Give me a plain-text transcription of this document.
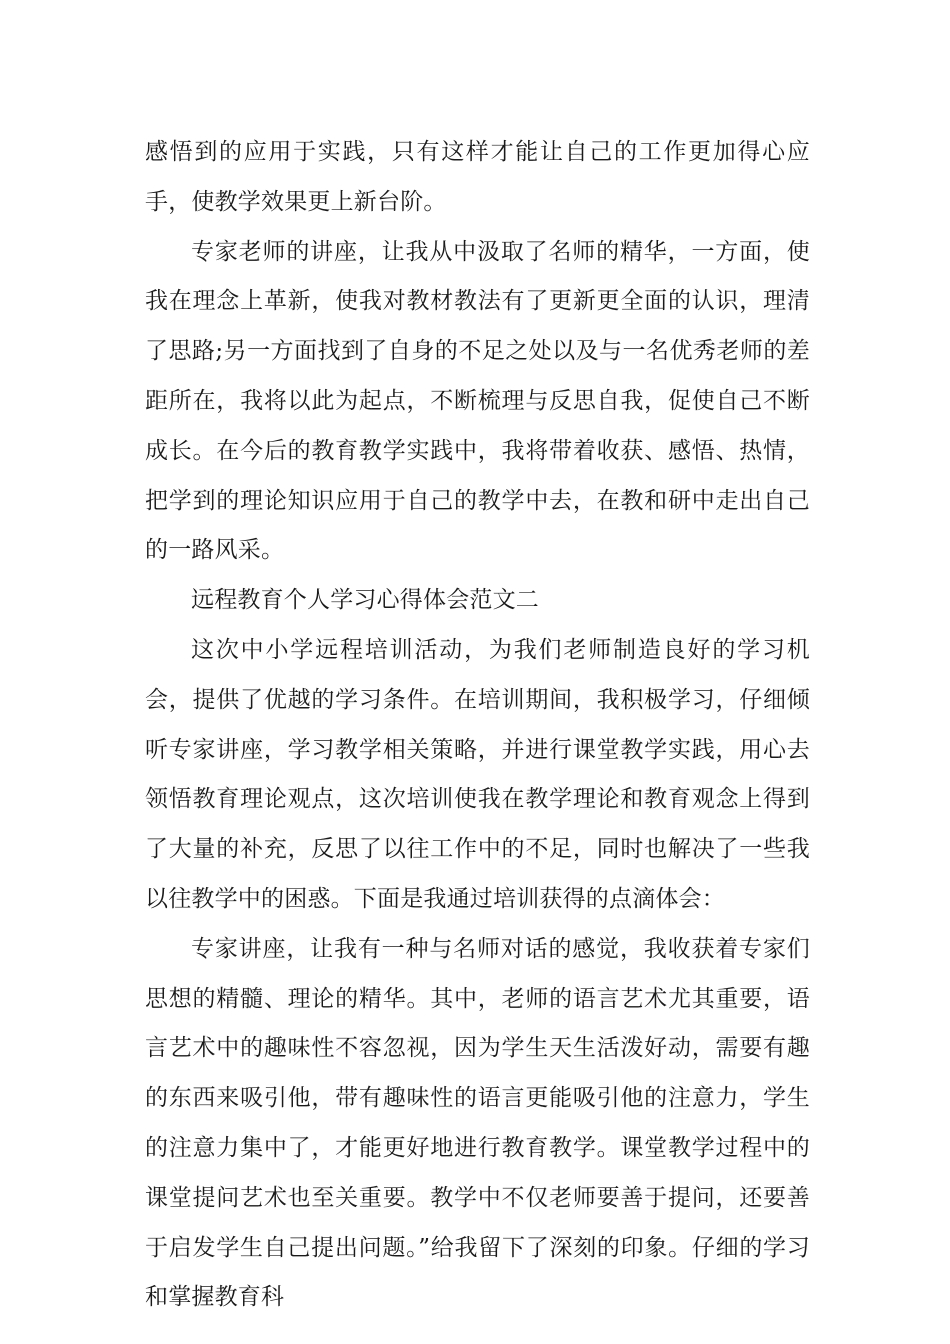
感悟到的应用于实践，只有这样才能让自己的工作更加得心应手，使教学效果更上新台阶。

专家老师的讲座，让我从中汲取了名师的精华，一方面，使我在理念上革新，使我对教材教法有了更新更全面的认识，理清了思路;另一方面找到了自身的不足之处以及与一名优秀老师的差距所在，我将以此为起点，不断梳理与反思自我，促使自己不断成长。在今后的教育教学实践中，我将带着收获、感悟、热情，把学到的理论知识应用于自己的教学中去，在教和研中走出自己的一路风采。

远程教育个人学习心得体会范文二

这次中小学远程培训活动，为我们老师制造良好的学习机会，提供了优越的学习条件。在培训期间，我积极学习，仔细倾听专家讲座，学习教学相关策略，并进行课堂教学实践，用心去领悟教育理论观点，这次培训使我在教学理论和教育观念上得到了大量的补充，反思了以往工作中的不足，同时也解决了一些我以往教学中的困惑。下面是我通过培训获得的点滴体会：

专家讲座，让我有一种与名师对话的感觉，我收获着专家们思想的精髓、理论的精华。其中，老师的语言艺术尤其重要，语言艺术中的趣味性不容忽视，因为学生天生活泼好动，需要有趣的东西来吸引他，带有趣味性的语言更能吸引他的注意力，学生的注意力集中了，才能更好地进行教育教学。课堂教学过程中的课堂提问艺术也至关重要。教学中不仅老师要善于提问，还要善于启发学生自己提出问题。”给我留下了深刻的印象。仔细的学习和掌握教育科
